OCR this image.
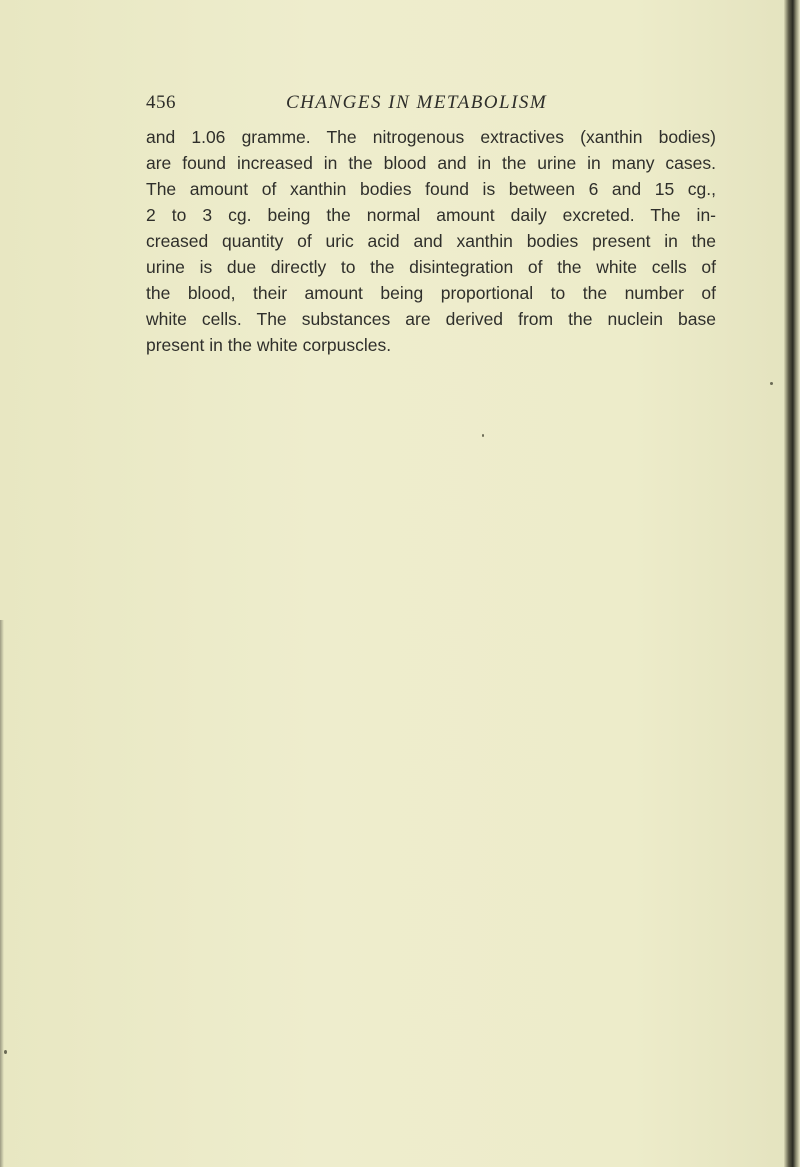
456	CHANGES IN METABOLISM
and 1.06 gramme. The nitrogenous extractives (xanthin bodies)
are found increased in the blood and in the urine in many cases.
The amount of xanthin bodies found is between 6 and 15 cg.,
2 to 3 cg. being the normal amount daily excreted. The in-
creased quantity of uric acid and xanthin bodies present in the
urine is due directly to the disintegration of the white cells of
the blood, their amount being proportional to the number of
white cells. The substances are derived from the nuclein base
present in the white corpuscles.
